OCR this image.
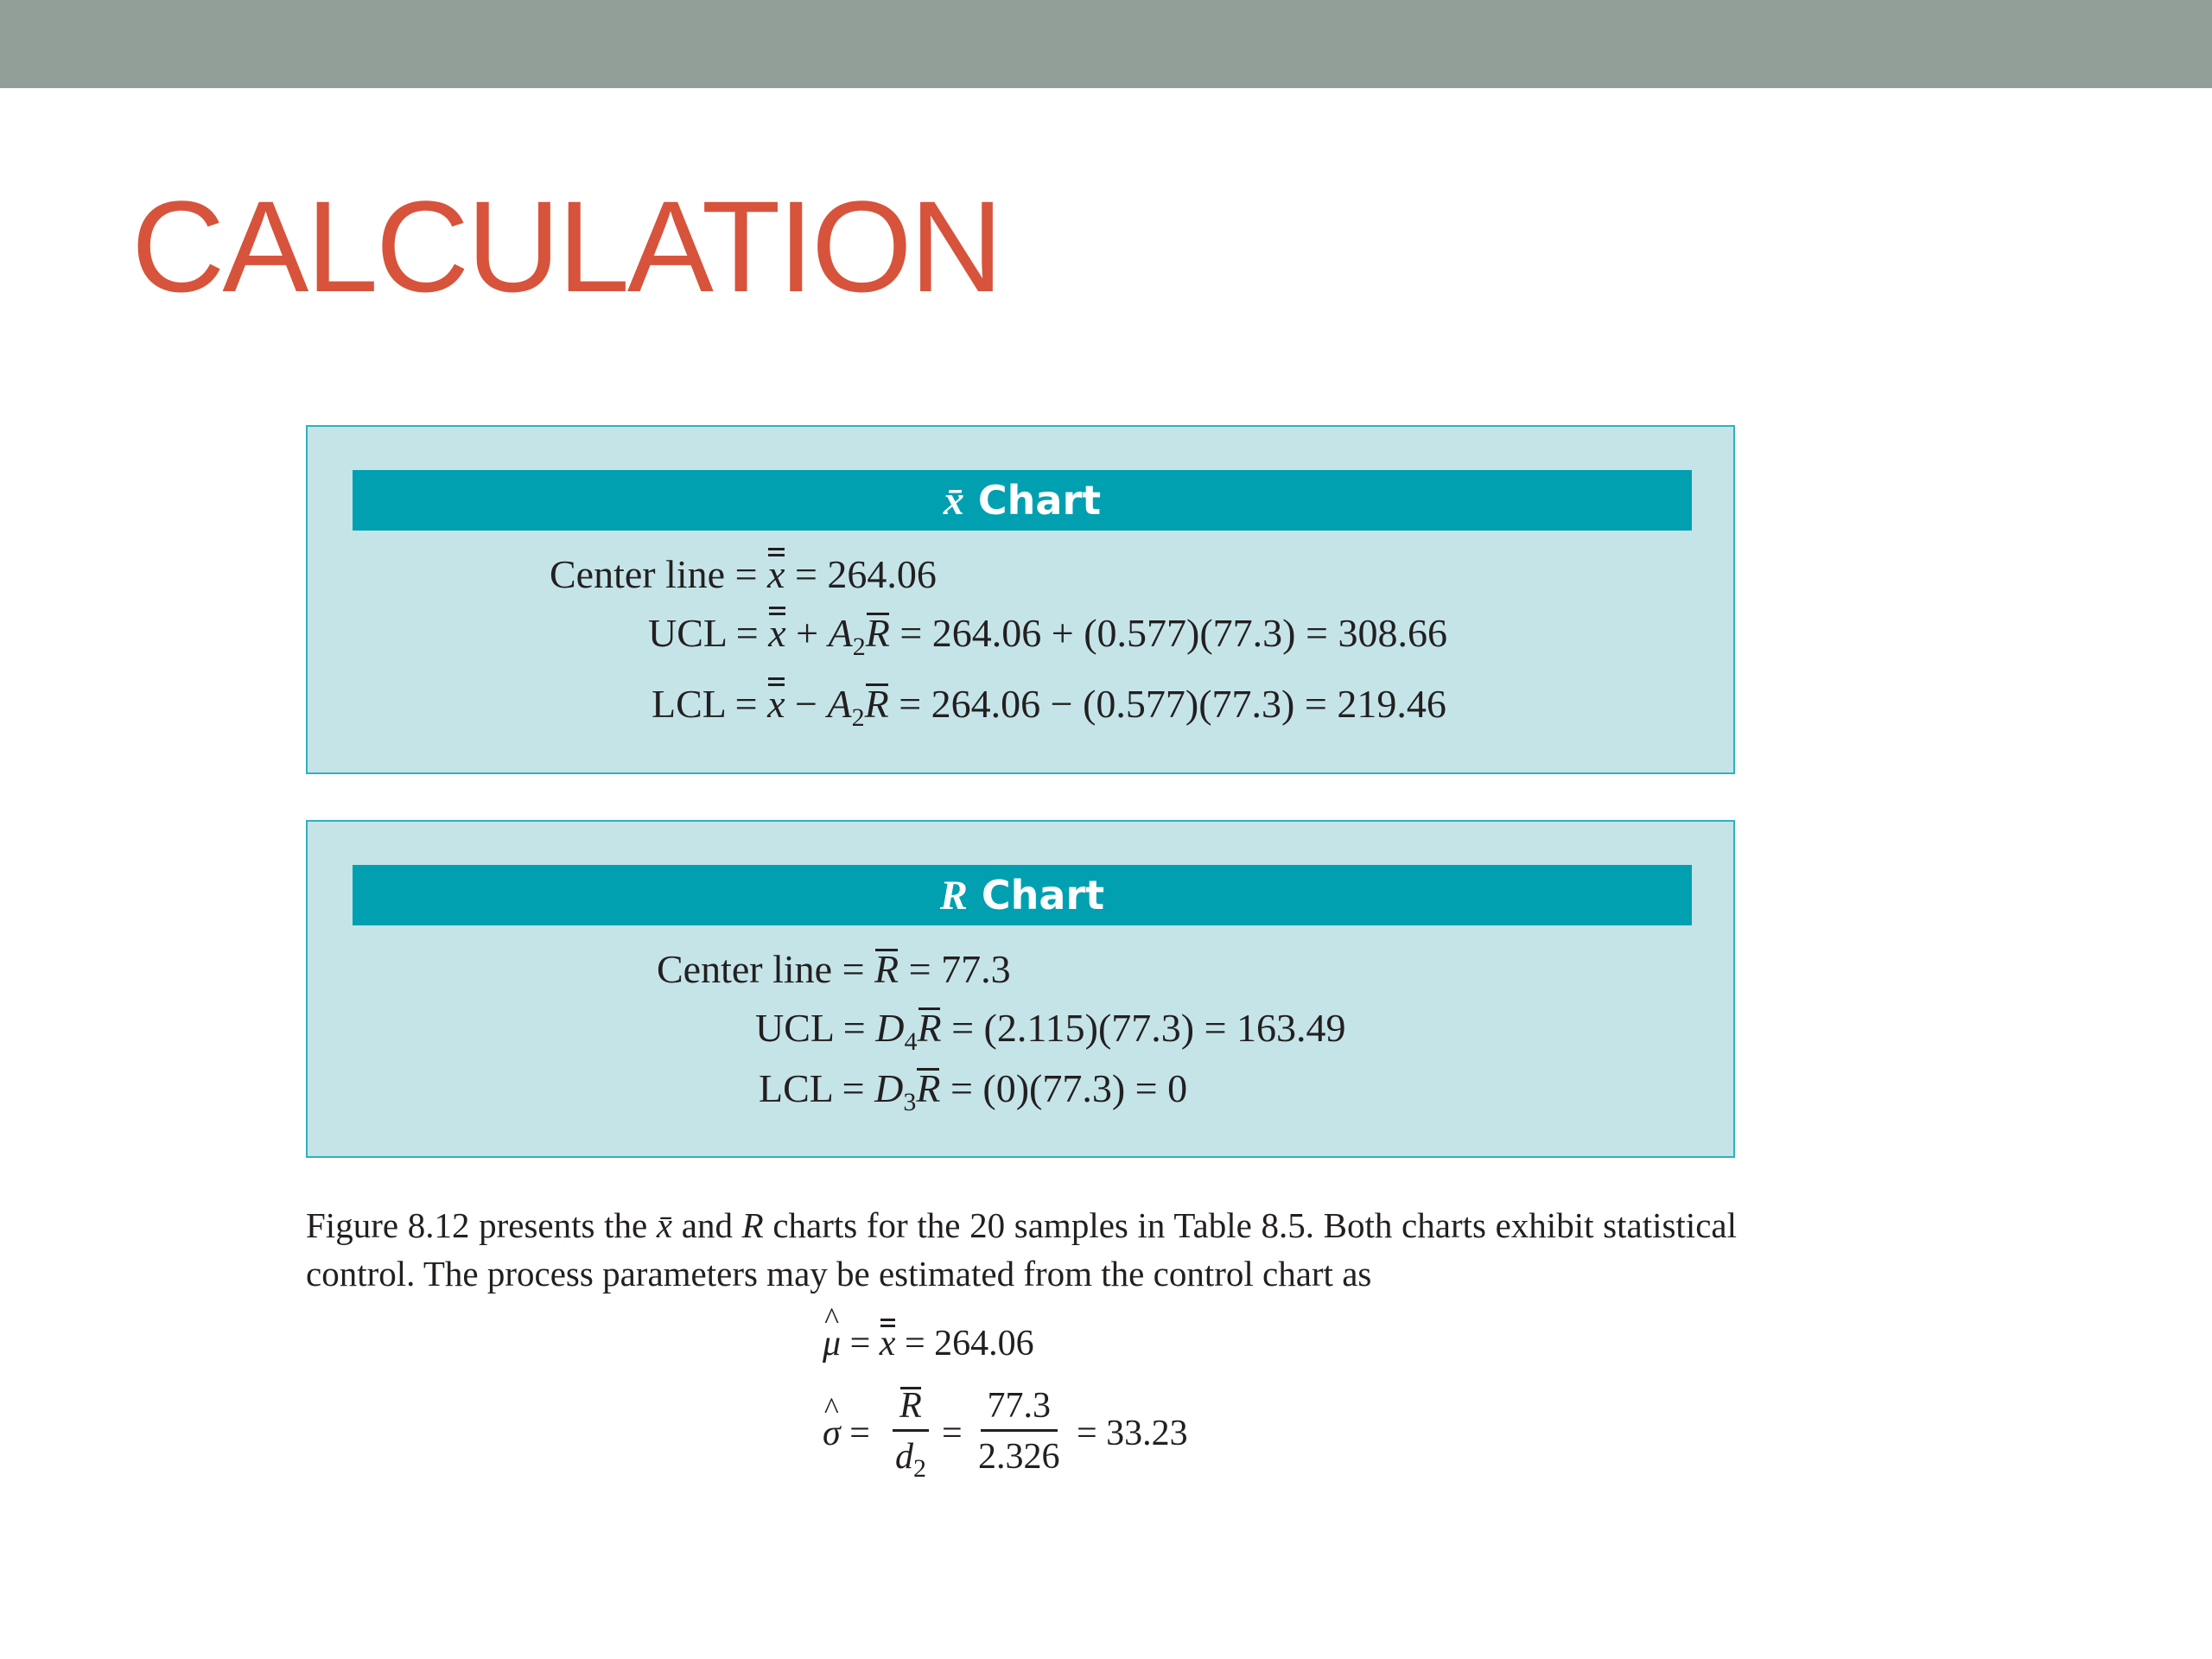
CALCULATION
x̄ Chart
Center line = x = 264.06
UCL = $x + A_2R = 264.06 + (0.577)(77.3) = 308.66$
LCL = $x - A_2R = 264.06 - (0.577)(77.3) = 219.46$
R Chart
Center line = R = 77.3
UCL = $D_4R = (2.115)(77.3) = 163.49$
LCL = $D_3R = (0)(77.3) = 0$
Figure 8.12 presents the x̄ and R charts for the 20 samples in Table 8.5. Both charts exhibit statistical control. The process parameters may be estimated from the control chart as
^ μ = x = 264.06
^ $\sigma = \frac{R}{d_2} = \frac{77.3}{2.326} = 33.23$
